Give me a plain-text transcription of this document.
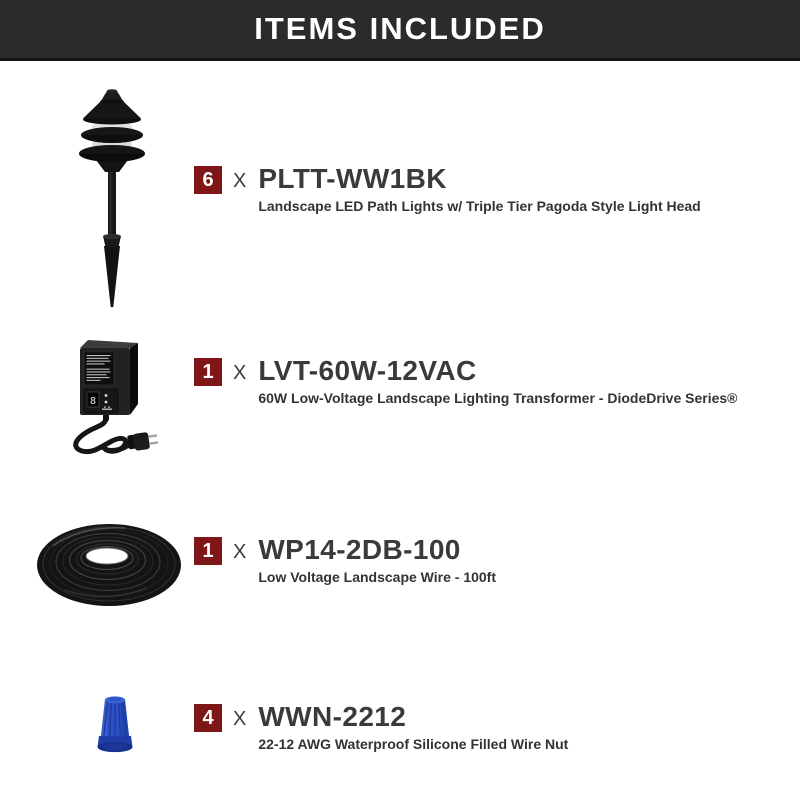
ITEMS INCLUDED
8
6 X PLTT-WW1BK
Landscape LED Path Lights w/ Triple Tier Pagoda Style Light Head
1 X LVT-60W-12VAC
60W Low-Voltage Landscape Lighting Transformer - DiodeDrive Series®
1 X WP14-2DB-100
Low Voltage Landscape Wire - 100ft
4 X WWN-2212
22-12 AWG Waterproof Silicone Filled Wire Nut
